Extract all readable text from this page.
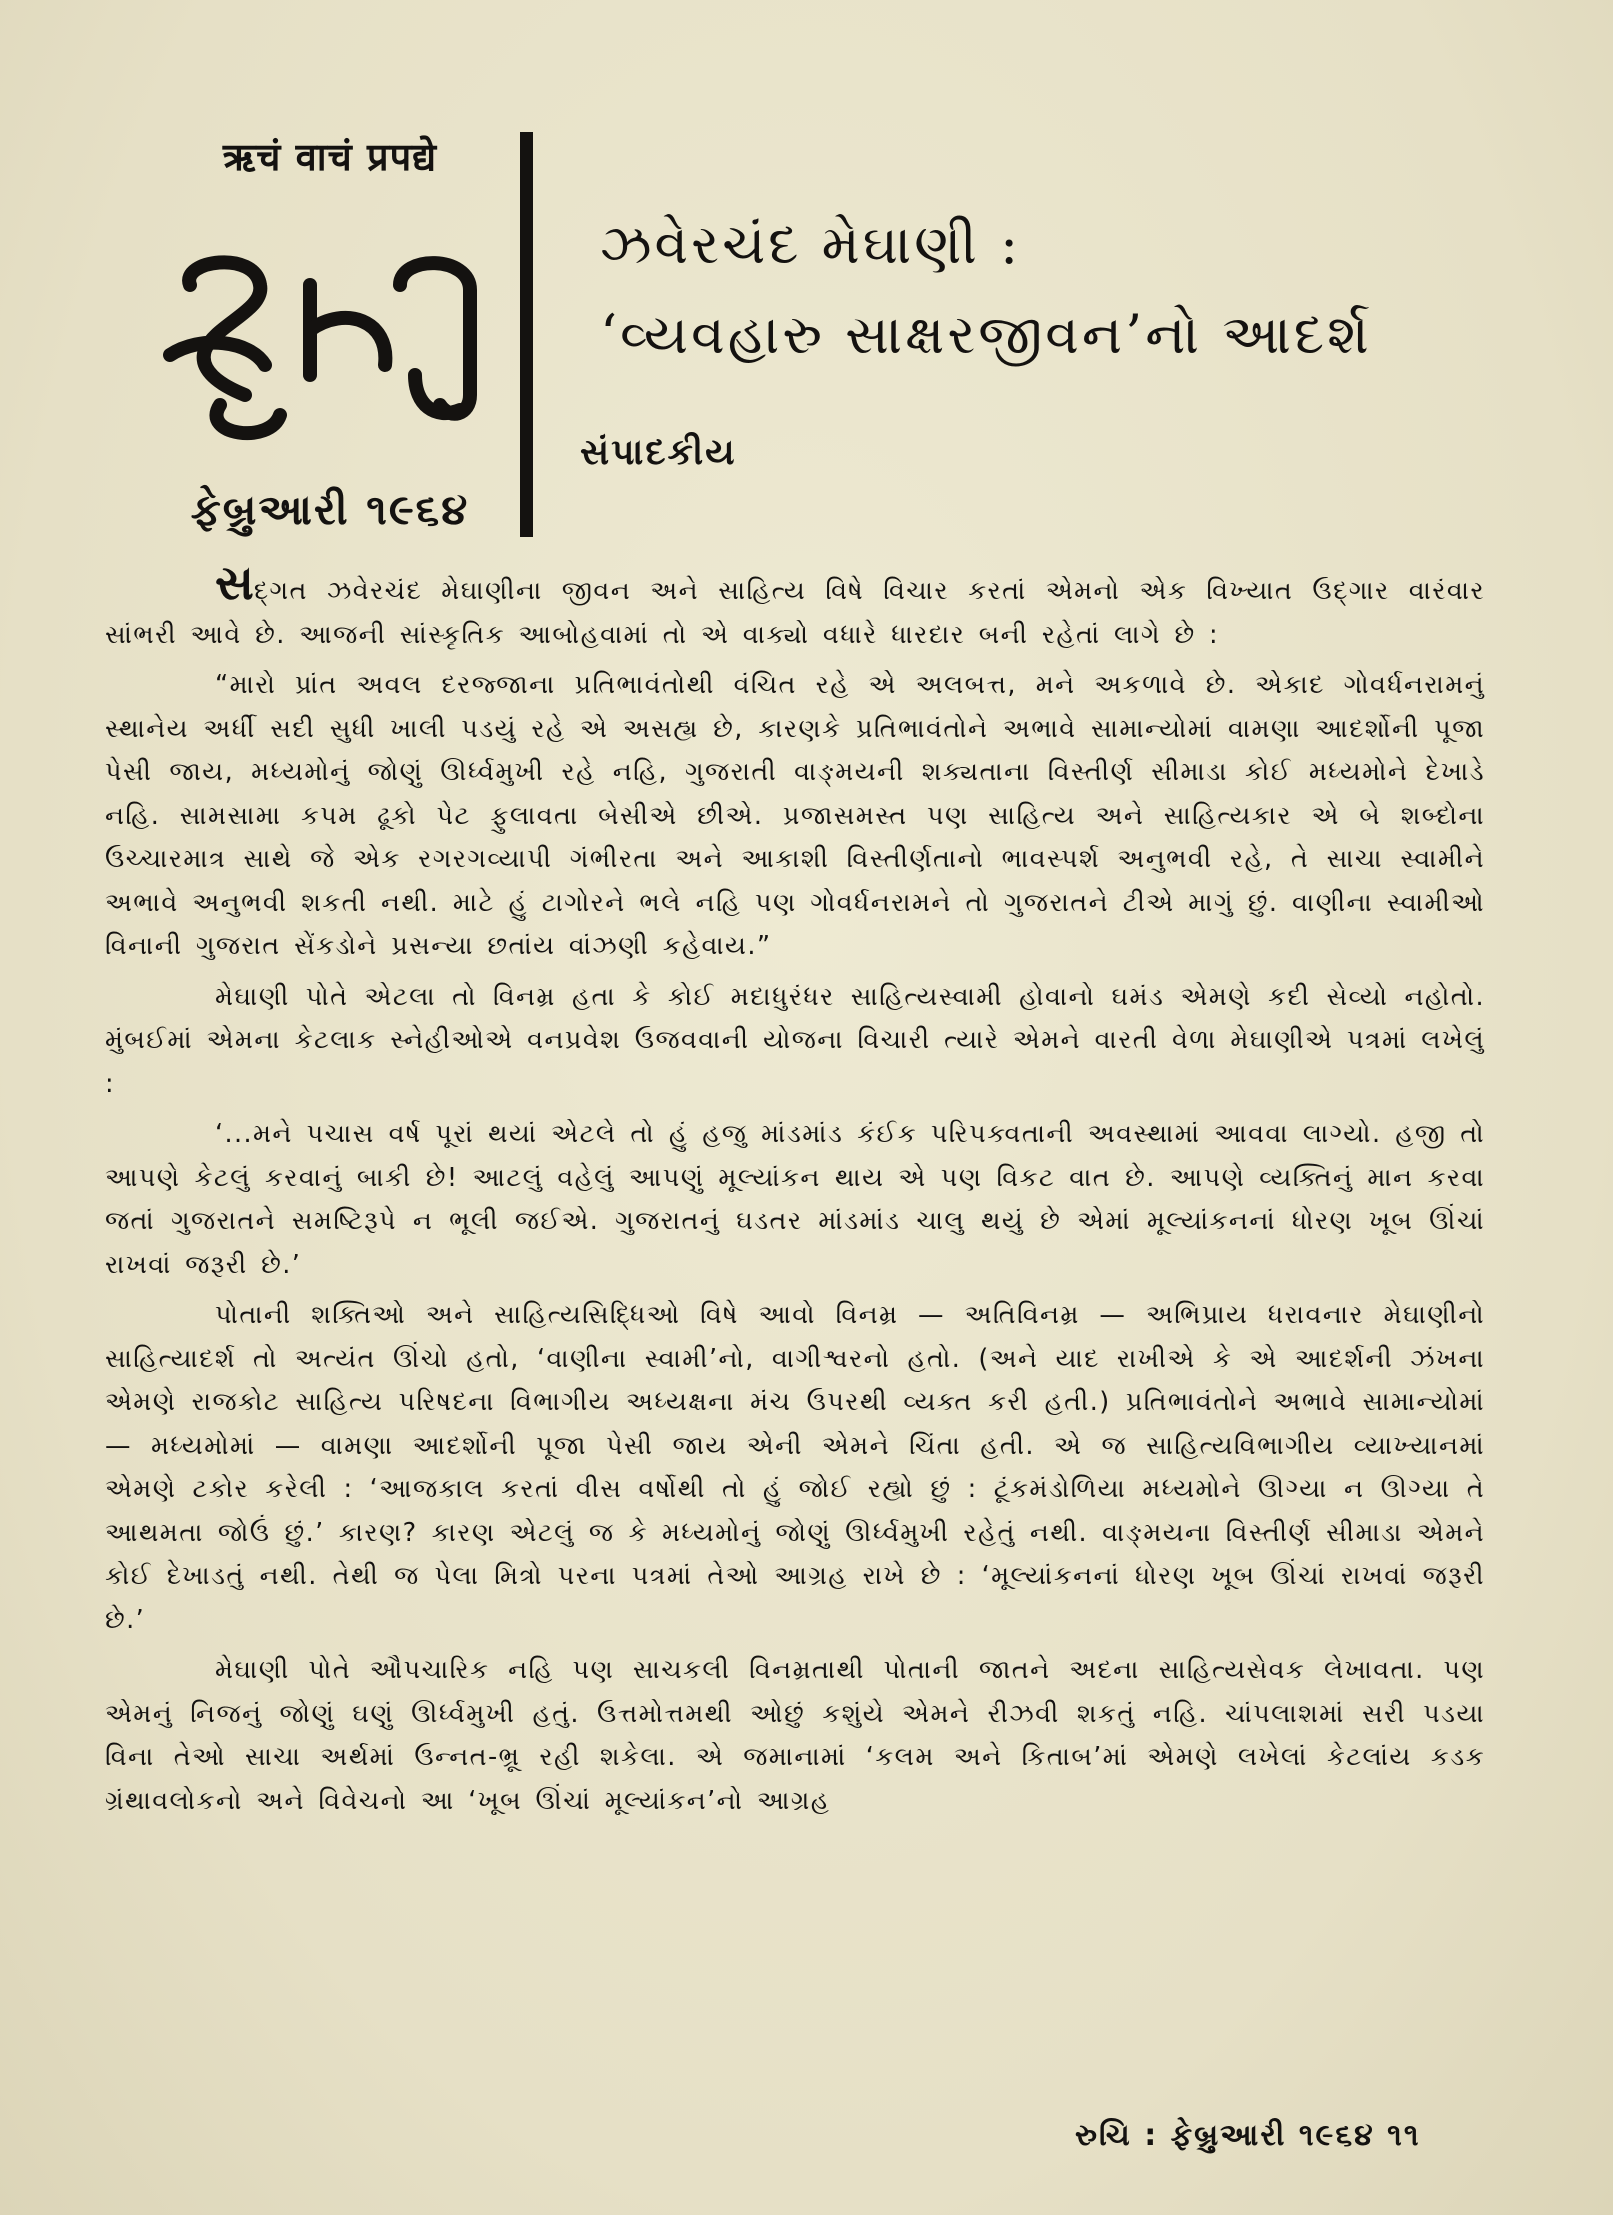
ऋचं वाचं प्रपद्ये
ફેબ્રુઆરી ૧૯૬૪
ઝવેરચંદ મેઘાણી :
‘વ્યવહારુ સાક્ષરજીવન’નો આદર્શ
સંપાદકીય

સદ્ગત ઝવેરચંદ મેઘાણીના જીવન અને સાહિત્ય વિષે વિચાર કરતાં એમનો એક વિખ્યાત ઉદ્‌ગાર વારંવાર સાંભરી આવે છે. આજની સાંસ્કૃતિક આબોહવામાં તો એ વાક્યો વધારે ધારદાર બની રહેતાં લાગે છે :

“મારો પ્રાંત અવલ દરજ્જાના પ્રતિભાવંતોથી વંચિત રહે એ અલબત્ત, મને અકળાવે છે. એકાદ ગોવર્ધનરામનું સ્થાનેય અર્ધી સદી સુધી ખાલી પડયું રહે એ અસહ્ય છે, કારણકે પ્રતિભાવંતોને અભાવે સામાન્યોમાં વામણા આદર્શોની પૂજા પેસી જાય, મધ્યમોનું જોણું ઊર્ધ્વમુખી રહે નહિ, ગુજરાતી વાઙ્મયની શક્યતાના વિસ્તીર્ણ સીમાડા કોઈ મધ્યમોને દેખાડે નહિ. સામસામા કપમ ઢૂકો પેટ ફુલાવતા બેસીએ છીએ. પ્રજાસમસ્ત પણ સાહિત્ય અને સાહિત્યકાર એ બે શબ્દોના ઉચ્ચારમાત્ર સાથે જે એક રગરગવ્યાપી ગંભીરતા અને આકાશી વિસ્તીર્ણતાનો ભાવસ્પર્શ અનુભવી રહે, તે સાચા સ્વામીને અભાવે અનુભવી શકતી નથી. માટે હું ટાગોરને ભલે નહિ પણ ગોવર્ધનરામને તો ગુજરાતને ટીએ માગું છું. વાણીના સ્વામીઓ વિનાની ગુજરાત સેંકડોને પ્રસન્યા છતાંય વાંઝણી કહેવાય.”

મેઘાણી પોતે એટલા તો વિનમ્ર હતા કે કોઈ મદાધુરંધર સાહિત્યસ્વામી હોવાનો ઘમંડ એમણે કદી સેવ્યો નહોતો. મુંબઈમાં એમના કેટલાક સ્નેહીઓએ વનપ્રવેશ ઉજવવાની યોજના વિચારી ત્યારે એમને વારતી વેળા મેઘાણીએ પત્રમાં લખેલું :

‘...મને પચાસ વર્ષ પૂરાં થયાં એટલે તો હું હજુ માંડમાંડ કંઈક પરિપક્વતાની અવસ્થામાં આવવા લાગ્યો. હજી તો આપણે કેટલું કરવાનું બાકી છે! આટલું વહેલું આપણું મૂલ્યાંકન થાય એ પણ વિકટ વાત છે. આપણે વ્યક્તિનું માન કરવા જતાં ગુજરાતને સમષ્ટિરૂપે ન ભૂલી જઈએ. ગુજરાતનું ઘડતર માંડમાંડ ચાલુ થયું છે એમાં મૂલ્યાંકનનાં ધોરણ ખૂબ ઊંચાં રાખવાં જરૂરી છે.’

પોતાની શક્તિઓ અને સાહિત્યસિદ્ધિઓ વિષે આવો વિનમ્ર — અતિવિનમ્ર — અભિપ્રાય ધરાવનાર મેઘાણીનો સાહિત્યાદર્શ તો અત્યંત ઊંચો હતો, ‘વાણીના સ્વામી’નો, વાગીશ્વરનો હતો. (અને યાદ રાખીએ કે એ આદર્શની ઝંખના એમણે રાજકોટ સાહિત્ય પરિષદના વિભાગીય અધ્યક્ષના મંચ ઉપરથી વ્યક્ત કરી હતી.) પ્રતિભાવંતોને અભાવે સામાન્યોમાં — મધ્યમોમાં — વામણા આદર્શોની પૂજા પેસી જાય એની એમને ચિંતા હતી. એ જ સાહિત્યવિભાગીય વ્યાખ્યાનમાં એમણે ટકોર કરેલી : ‘આજકાલ કરતાં વીસ વર્ષોથી તો હું જોઈ રહ્યો છું : ટૂંકમંડોળિયા મધ્યમોને ઊગ્યા ન ઊગ્યા તે આથમતા જોઉં છું.’ કારણ? કારણ એટલું જ કે મધ્યમોનું જોણું ઊર્ધ્વમુખી રહેતું નથી. વાઙ્મયના વિસ્તીર્ણ સીમાડા એમને કોઈ દેખાડતું નથી. તેથી જ પેલા મિત્રો પરના પત્રમાં તેઓ આગ્રહ રાખે છે : ‘મૂલ્યાંકનનાં ધોરણ ખૂબ ઊંચાં રાખવાં જરૂરી છે.’

મેઘાણી પોતે ઔપચારિક નહિ પણ સાચકલી વિનમ્રતાથી પોતાની જાતને અદના સાહિત્યસેવક લેખાવતા. પણ એમનું નિજનું જોણું ઘણું ઊર્ધ્વમુખી હતું. ઉત્તમોત્તમથી ઓછું કશુંયે એમને રીઝવી શકતું નહિ. ચાંપલાશમાં સરી પડયા વિના તેઓ સાચા અર્થમાં ઉન્નત-ભ્રૂ રહી શકેલા. એ જમાનામાં ‘કલમ અને કિતાબ’માં એમણે લખેલાં કેટલાંય કડક ગ્રંથાવલોકનો અને વિવેચનો આ ‘ખૂબ ઊંચાં મૂલ્યાંકન’નો આગ્રહ

રુચિ : ફેબ્રુઆરી ૧૯૬૪ ૧૧
